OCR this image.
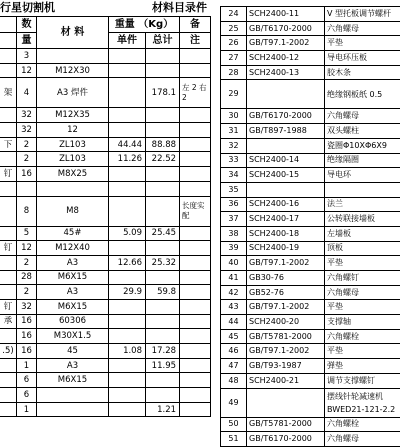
行星切割机	材料目录件
	数	材 料	重量 （Kg）		备
	量		单件	总计	注
	3				
	12	M12X30			
架	4	A3 焊件		178.1	左 2 右 2
	32	M12X35			
	32	12			
下	2	ZL103	44.44	88.88	
	2	ZL103	11.26	22.52	
钉	16	M8X25			

	8	M8			长度实配
	5	45#	5.09	25.45	
钉	12	M12X40			
	2	A3	12.66	25.32	
	28	M6X15			
	2	A3	29.9	59.8	
钉	32	M6X15			
承	16	60306			
	16	M30X1.5			
.5)	16	45	1.08	17.28	
	1	A3		11.95	
	6	M6X15			
	6				
	1			1.21	
24	SCH2400-11	V 型托板调节螺杆
25	GB/T6170-2000	六角螺母
26	GB/T97.1-2002	平垫
27	SCH2400-12	导电环压板
28	SCH2400-13	胶木条
29		绝缘钢板纸 0.5
30	GB/T6170-2000	六角螺母
31	GB/T897-1988	双头螺柱
32		瓷圈Φ10XΦ6X9
33	SCH2400-14	绝缘隔圈
34	SCH2400-15	导电环
35		
36	SCH2400-16	法兰
37	SCH2400-17	公转联接墙板
38	SCH2400-18	左墙板
39	SCH2400-19	顶板
40	GB/T97.1-2002	平垫
41	GB30-76	六角螺钉
42	GB52-76	六角螺母
43	GB/T97.1-2002	平垫
44	SCH2400-20	支撑轴
45	GB/T5781-2000	六角螺栓
46	GB/T97.1-2002	平垫
47	GB/T93-1987	弹垫
48	SCH2400-21	调节支撑螺钉
49		摆线针轮减速机 BWED21-121-2.2
50	GB/T5781-2000	六角螺栓
51	GB/T6170-2000	六角螺母
